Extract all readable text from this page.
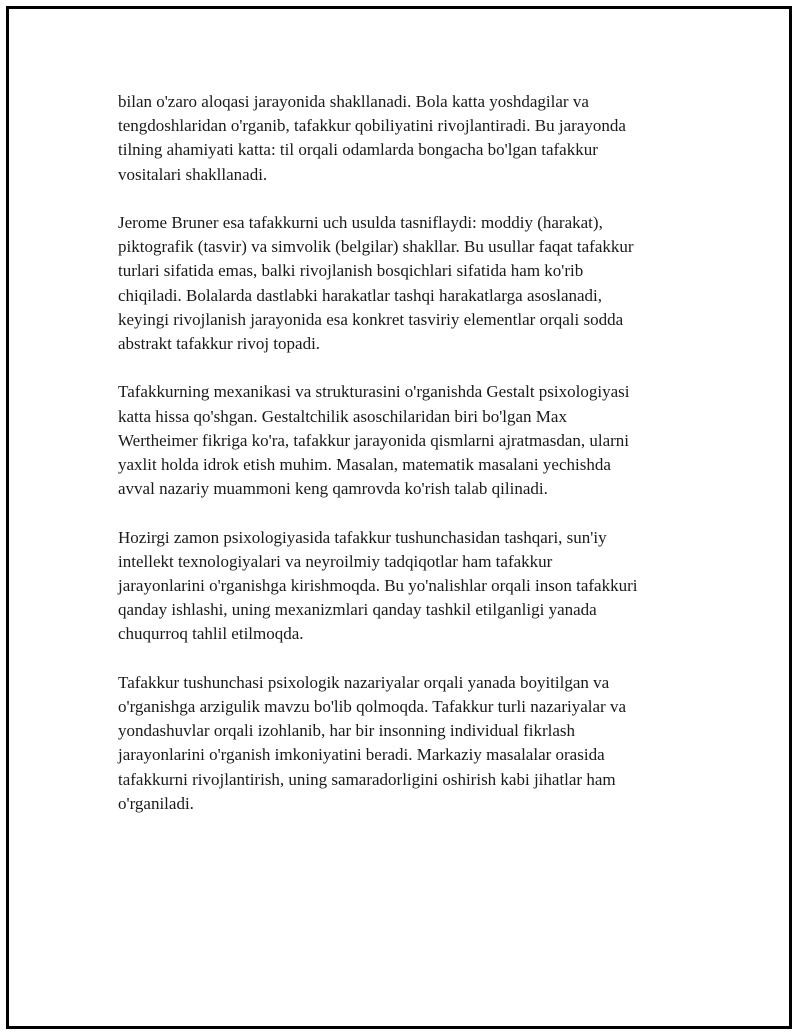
bilan o'zaro aloqasi jarayonida shakllanadi. Bola katta yoshdagilar va
tengdoshlaridan o'rganib, tafakkur qobiliyatini rivojlantiradi. Bu jarayonda
tilning ahamiyati katta: til orqali odamlarda bongacha bo'lgan tafakkur
vositalari shakllanadi.

Jerome Bruner esa tafakkurni uch usulda tasniflaydi: moddiy (harakat),
piktografik (tasvir) va simvolik (belgilar) shakllar. Bu usullar faqat tafakkur
turlari sifatida emas, balki rivojlanish bosqichlari sifatida ham ko'rib
chiqiladi. Bolalarda dastlabki harakatlar tashqi harakatlarga asoslanadi,
keyingi rivojlanish jarayonida esa konkret tasviriy elementlar orqali sodda
abstrakt tafakkur rivoj topadi.

Tafakkurning mexanikasi va strukturasini o'rganishda Gestalt psixologiyasi
katta hissa qo'shgan. Gestaltchilik asoschilaridan biri bo'lgan Max
Wertheimer fikriga ko'ra, tafakkur jarayonida qismlarni ajratmasdan, ularni
yaxlit holda idrok etish muhim. Masalan, matematik masalani yechishda
avval nazariy muammoni keng qamrovda ko'rish talab qilinadi.

Hozirgi zamon psixologiyasida tafakkur tushunchasidan tashqari, sun'iy
intellekt texnologiyalari va neyroilmiy tadqiqotlar ham tafakkur
jarayonlarini o'rganishga kirishmoqda. Bu yo'nalishlar orqali inson tafakkuri
qanday ishlashi, uning mexanizmlari qanday tashkil etilganligi yanada
chuqurroq tahlil etilmoqda.

Tafakkur tushunchasi psixologik nazariyalar orqali yanada boyitilgan va
o'rganishga arzigulik mavzu bo'lib qolmoqda. Tafakkur turli nazariyalar va
yondashuvlar orqali izohlanib, har bir insonning individual fikrlash
jarayonlarini o'rganish imkoniyatini beradi. Markaziy masalalar orasida
tafakkurni rivojlantirish, uning samaradorligini oshirish kabi jihatlar ham
o'rganiladi.
